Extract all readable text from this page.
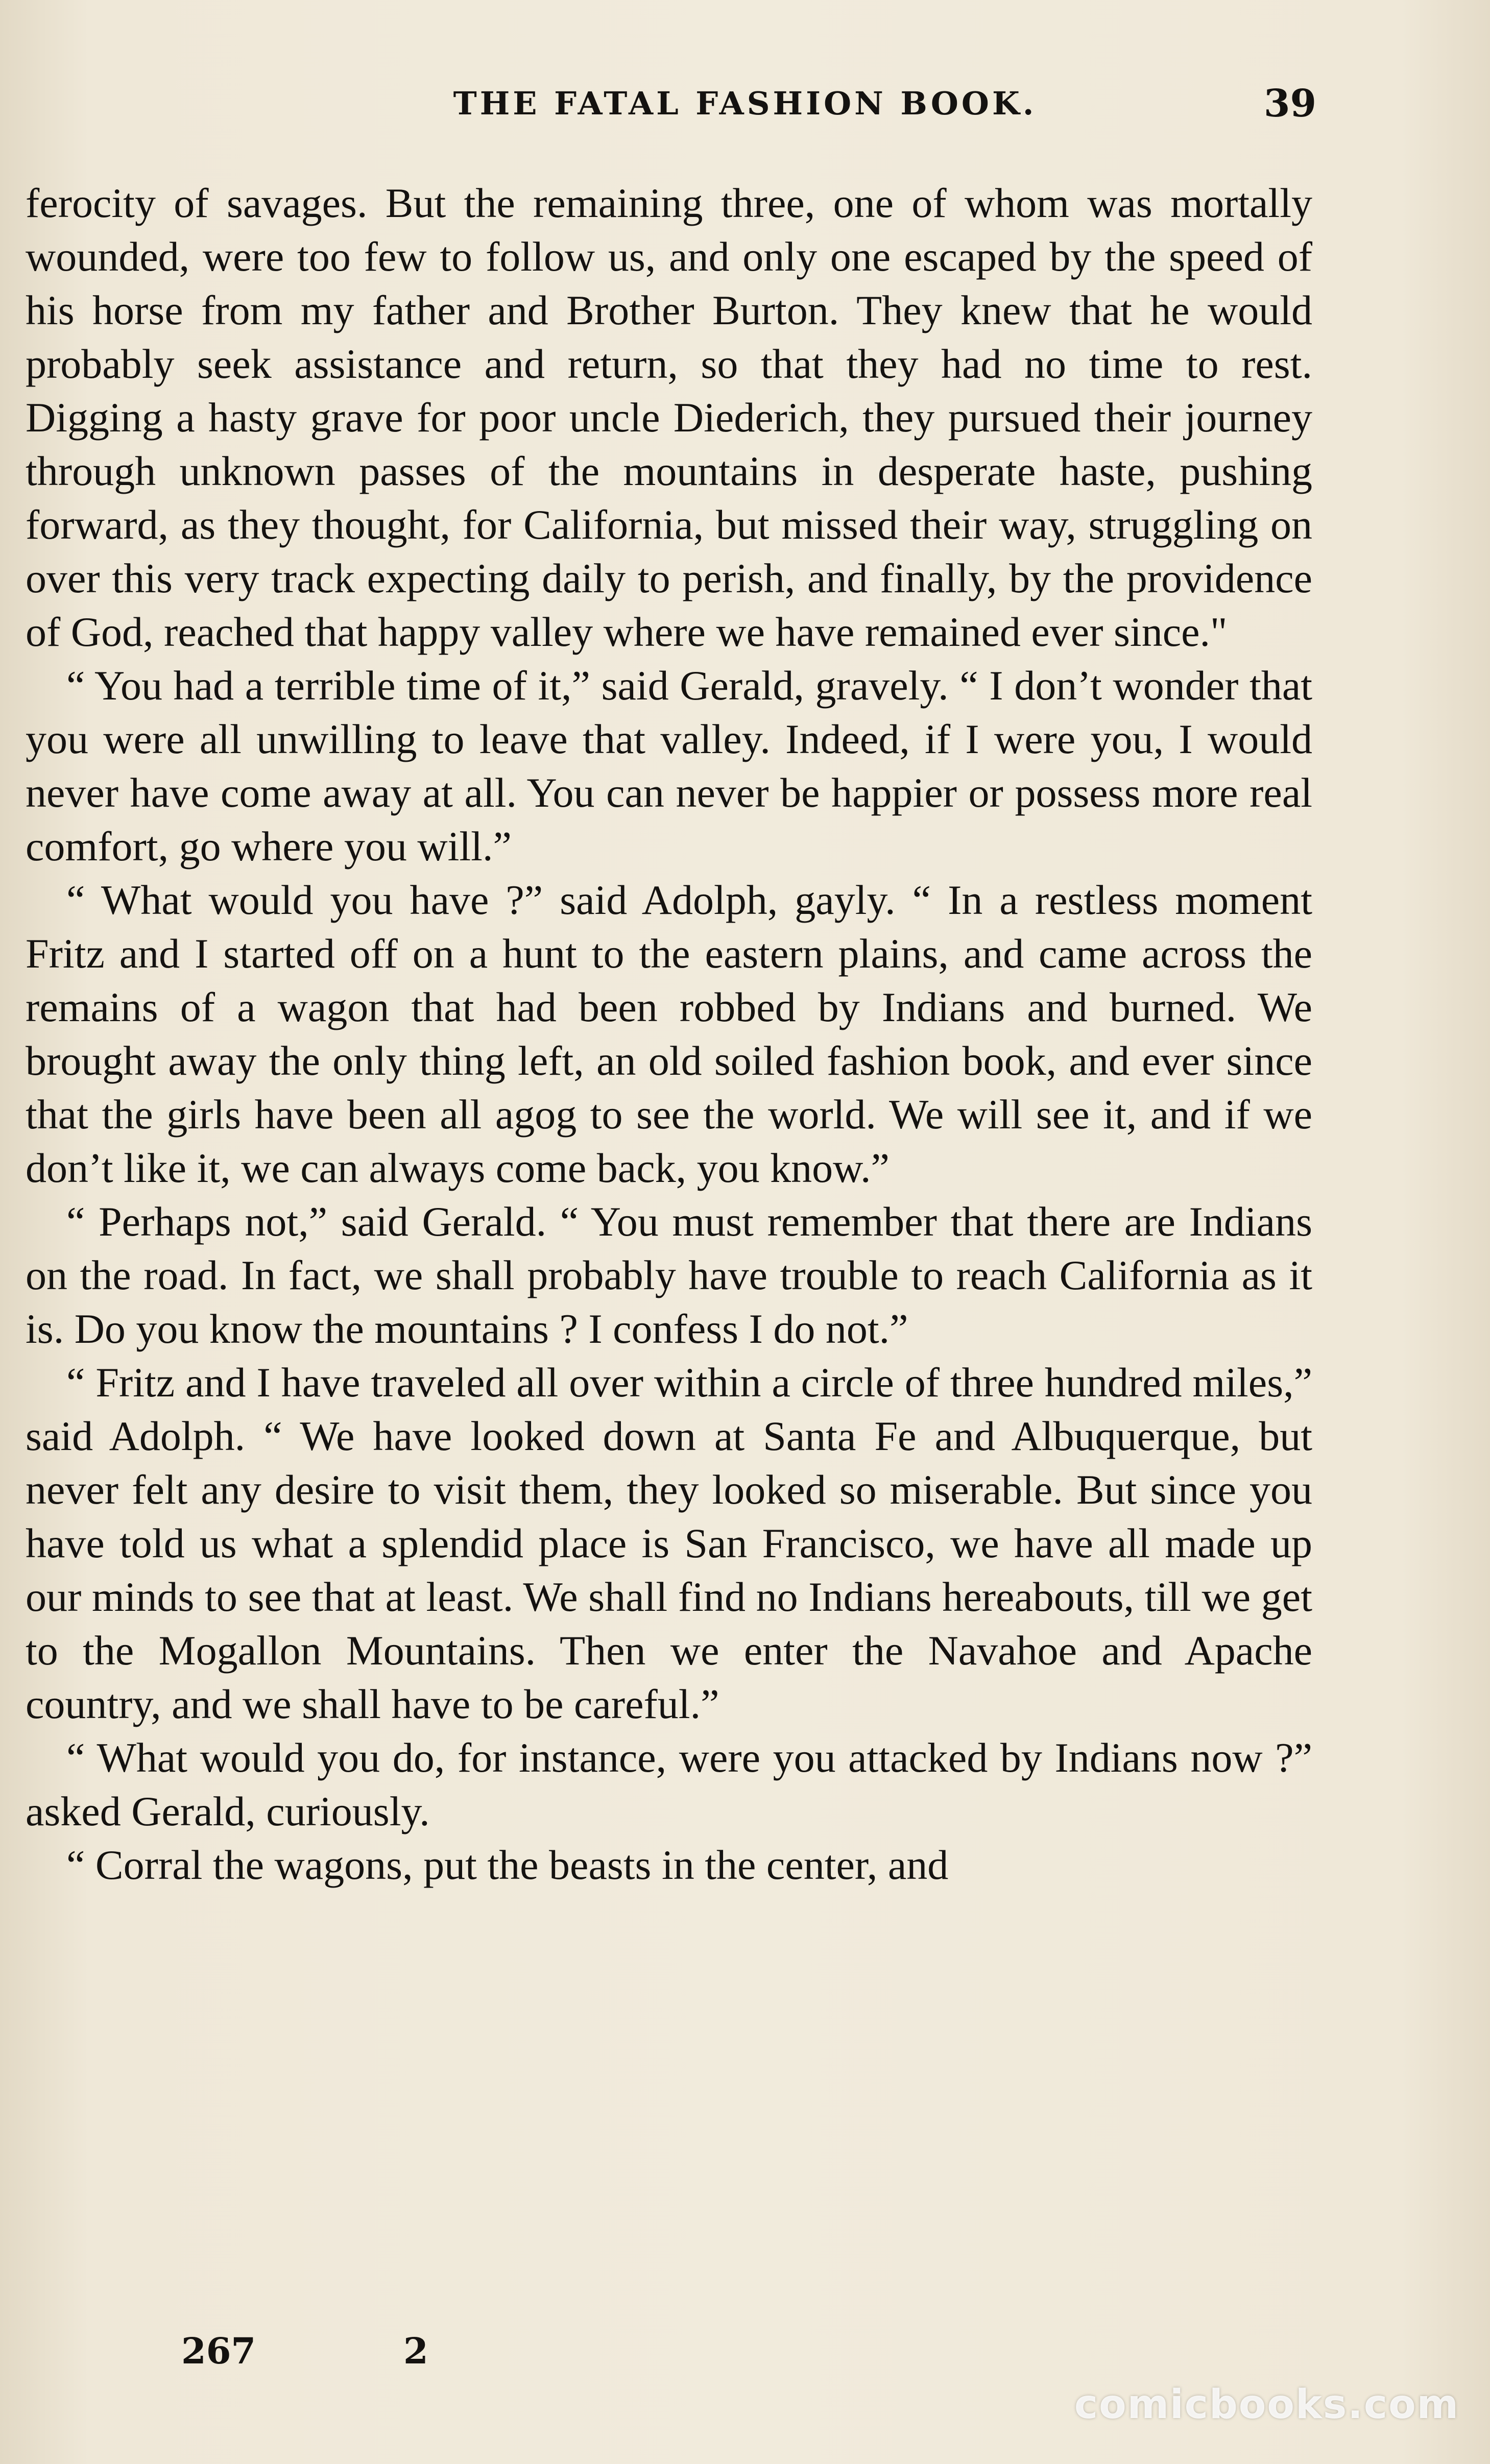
THE FATAL FASHION BOOK.	39

ferocity of savages. But the remaining three, one of whom was mortally wounded, were too few to follow us, and only one escaped by the speed of his horse from my father and Brother Burton. They knew that he would probably seek assistance and return, so that they had no time to rest. Digging a hasty grave for poor uncle Diederich, they pursued their journey through unknown passes of the mountains in desperate haste, pushing forward, as they thought, for California, but missed their way, struggling on over this very track expecting daily to perish, and finally, by the providence of God, reached that happy valley where we have remained ever since."

“ You had a terrible time of it,” said Gerald, gravely. “ I don’t wonder that you were all unwilling to leave that valley. Indeed, if I were you, I would never have come away at all. You can never be happier or possess more real comfort, go where you will.”

“ What would you have ?” said Adolph, gayly. “ In a restless moment Fritz and I started off on a hunt to the eastern plains, and came across the remains of a wagon that had been robbed by Indians and burned. We brought away the only thing left, an old soiled fashion book, and ever since that the girls have been all agog to see the world. We will see it, and if we don’t like it, we can always come back, you know.”

“ Perhaps not,” said Gerald. “ You must remember that there are Indians on the road. In fact, we shall probably have trouble to reach California as it is. Do you know the mountains ? I confess I do not.”

“ Fritz and I have traveled all over within a circle of three hundred miles,” said Adolph. “ We have looked down at Santa Fe and Albuquerque, but never felt any desire to visit them, they looked so miserable. But since you have told us what a splendid place is San Francisco, we have all made up our minds to see that at least. We shall find no Indians hereabouts, till we get to the Mogallon Mountains. Then we enter the Navahoe and Apache country, and we shall have to be careful.”

“ What would you do, for instance, were you attacked by Indians now ?” asked Gerald, curiously.

“ Corral the wagons, put the beasts in the center, and

267	2
comicbooks.com
